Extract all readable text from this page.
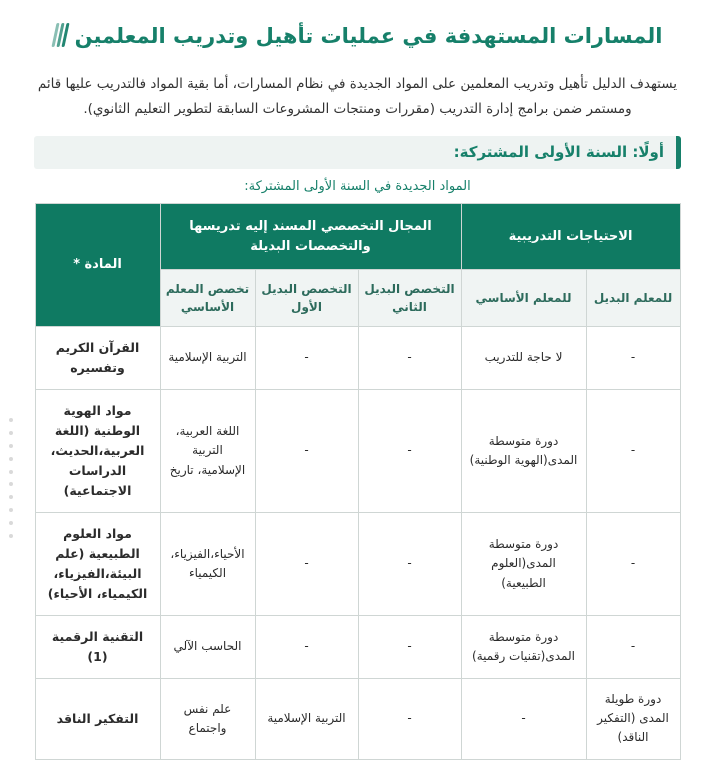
المسارات المستهدفة في عمليات تأهيل وتدريب المعلمين

يستهدف الدليل تأهيل وتدريب المعلمين على المواد الجديدة في نظام المسارات، أما بقية المواد فالتدريب عليها قائم ومستمر ضمن برامج إدارة التدريب (مقررات ومنتجات المشروعات السابقة لتطوير التعليم الثانوي).

أولًا: السنة الأولى المشتركة:
المواد الجديدة في السنة الأولى المشتركة:
الاحتياجات التدريبية		المجال التخصصي المسند إليه تدريسها والتخصصات البديلة			المادة *
للمعلم البديل	للمعلم الأساسي	التخصص البديل الثاني	التخصص البديل الأول	تخصص المعلم الأساسي	
-	لا حاجة للتدريب	-	-	التربية الإسلامية	القرآن الكريم وتفسيره
-	دورة متوسطة المدى(الهوية الوطنية)	-	-	اللغة العربية، التربية الإسلامية، تاريخ	مواد الهوية الوطنية (اللغة العربية،الحديث، الدراسات الاجتماعية)
-	دورة متوسطة المدى(العلوم الطبيعية)	-	-	الأحياء،الفيزياء، الكيمياء	مواد العلوم الطبيعية (علم البيئة،الفيزياء، الكيمياء، الأحياء)
-	دورة متوسطة المدى(تقنيات رقمية)	-	-	الحاسب الآلي	التقنية الرقمية (1)
دورة طويلة المدى (التفكير الناقد)	-	-	التربية الإسلامية	علم نفس واجتماع	التفكير الناقد
